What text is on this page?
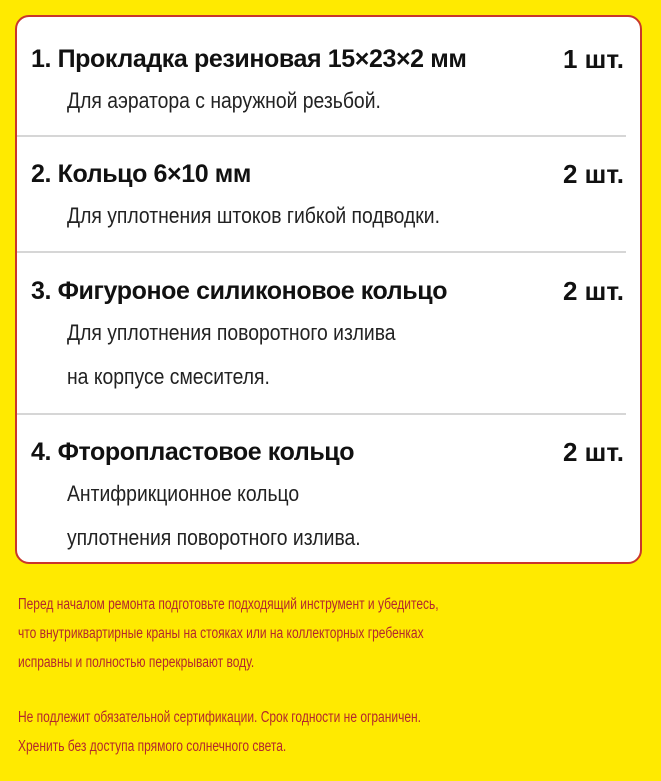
1. Прокладка резиновая 15×23×2 мм	1 шт.
Для аэратора с наружной резьбой.
2. Кольцо 6×10 мм	2 шт.
Для уплотнения штоков гибкой подводки.
3. Фигуроное силиконовое кольцо	2 шт.
Для уплотнения поворотного излива
на корпусе смесителя.
4. Фторопластовое кольцо	2 шт.
Антифрикционное кольцо
уплотнения поворотного излива.
Перед началом ремонта подготовьте подходящий инструмент и убедитесь,
что внутриквартирные краны на стояках или на коллекторных гребенках
исправны и полностью перекрывают воду.
Не подлежит обязательной сертификации. Срок годности не ограничен.
Хренить без доступа прямого солнечного света.
